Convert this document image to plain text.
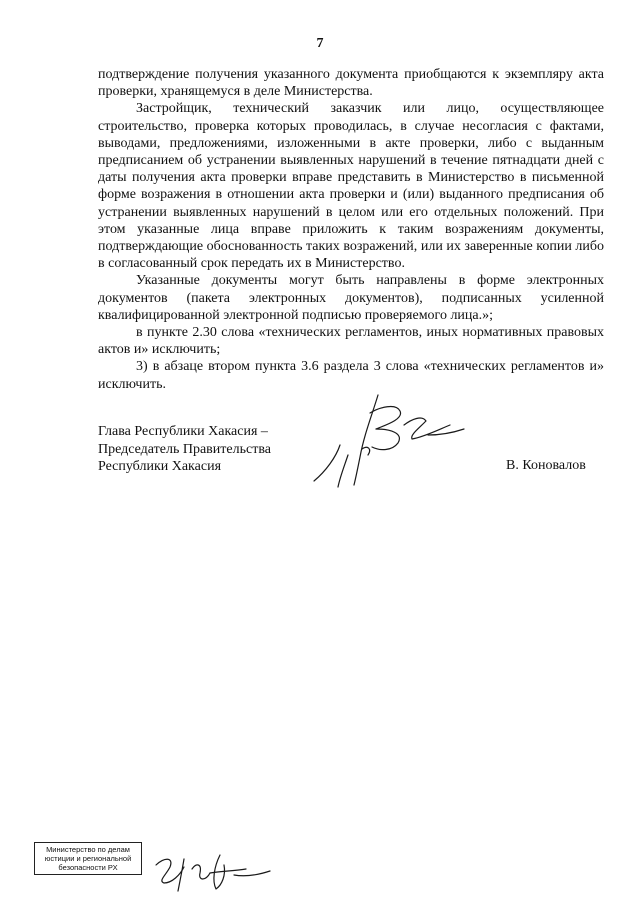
7

подтверждение получения указанного документа приобщаются к экземпляру акта проверки, хранящемуся в деле Министерства.

Застройщик, технический заказчик или лицо, осуществляющее строительство, проверка которых проводилась, в случае несогласия с фактами, выводами, предложениями, изложенными в акте проверки, либо с выданным предписанием об устранении выявленных нарушений в течение пятнадцати дней с даты получения акта проверки вправе представить в Министерство в письменной форме возражения в отношении акта проверки и (или) выданного предписания об устранении выявленных нарушений в целом или его отдельных положений. При этом указанные лица вправе приложить к таким возражениям документы, подтверждающие обоснованность таких возражений, или их заверенные копии либо в согласованный срок передать их в Министерство.

Указанные документы могут быть направлены в форме электронных документов (пакета электронных документов), подписанных усиленной квалифицированной электронной подписью проверяемого лица.»;

в пункте 2.30 слова «технических регламентов, иных нормативных правовых актов и» исключить;

3) в абзаце втором пункта 3.6 раздела 3 слова «технических регламентов и» исключить.

Глава Республики Хакасия –
Председатель Правительства
Республики Хакасия	В. Коновалов
Министерство по делам
юстиции и региональной
безопасности РХ
